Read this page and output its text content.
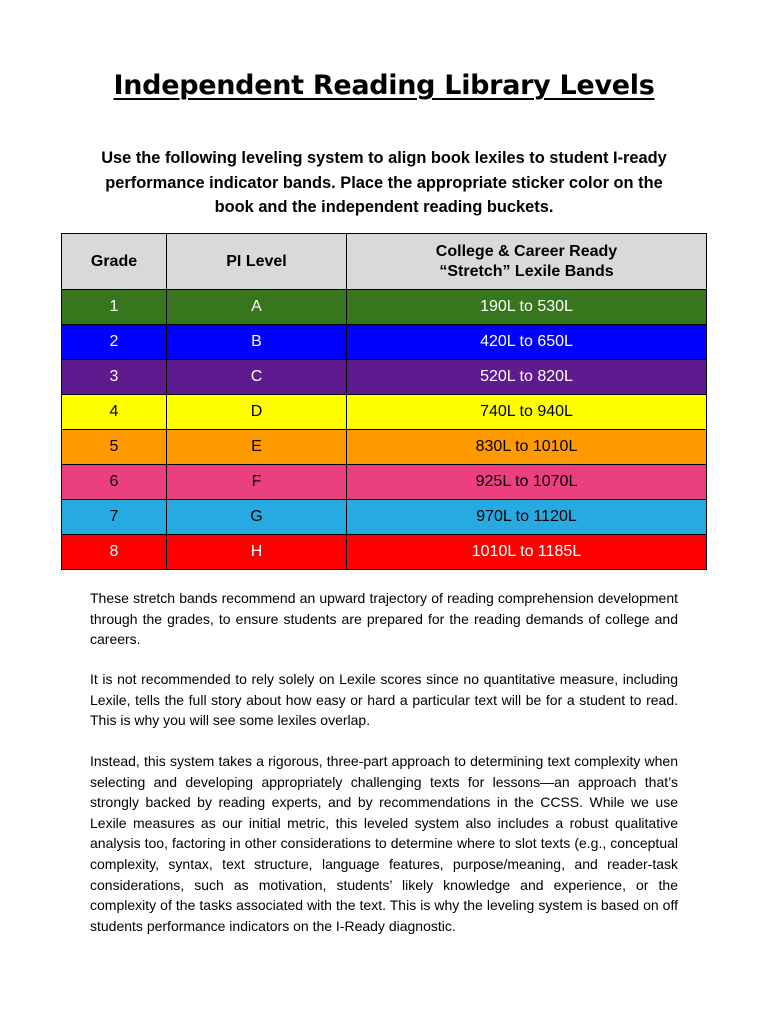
Independent Reading Library Levels
Use the following leveling system to align book lexiles to student I-ready performance indicator bands. Place the appropriate sticker color on the book and the independent reading buckets.
Grade	PI Level	College & Career Ready
“Stretch” Lexile Bands

1	A	190L to 530L
2	B	420L to 650L
3	C	520L to 820L
4	D	740L to 940L
5	E	830L to 1010L
6	F	925L to 1070L
7	G	970L to 1120L
8	H	1010L to 1185L

These stretch bands recommend an upward trajectory of reading comprehension development through the grades, to ensure students are prepared for the reading demands of college and careers.

It is not recommended to rely solely on Lexile scores since no quantitative measure, including Lexile, tells the full story about how easy or hard a particular text will be for a student to read. This is why you will see some lexiles overlap.

Instead, this system takes a rigorous, three-part approach to determining text complexity when selecting and developing appropriately challenging texts for lessons—an approach that’s strongly backed by reading experts, and by recommendations in the CCSS. While we use Lexile measures as our initial metric, this leveled system also includes a robust qualitative analysis too, factoring in other considerations to determine where to slot texts (e.g., conceptual complexity, syntax, text structure, language features, purpose/meaning, and reader-task considerations, such as motivation, students’ likely knowledge and experience, or the complexity of the tasks associated with the text. This is why the leveling system is based on off students performance indicators on the I-Ready diagnostic.
